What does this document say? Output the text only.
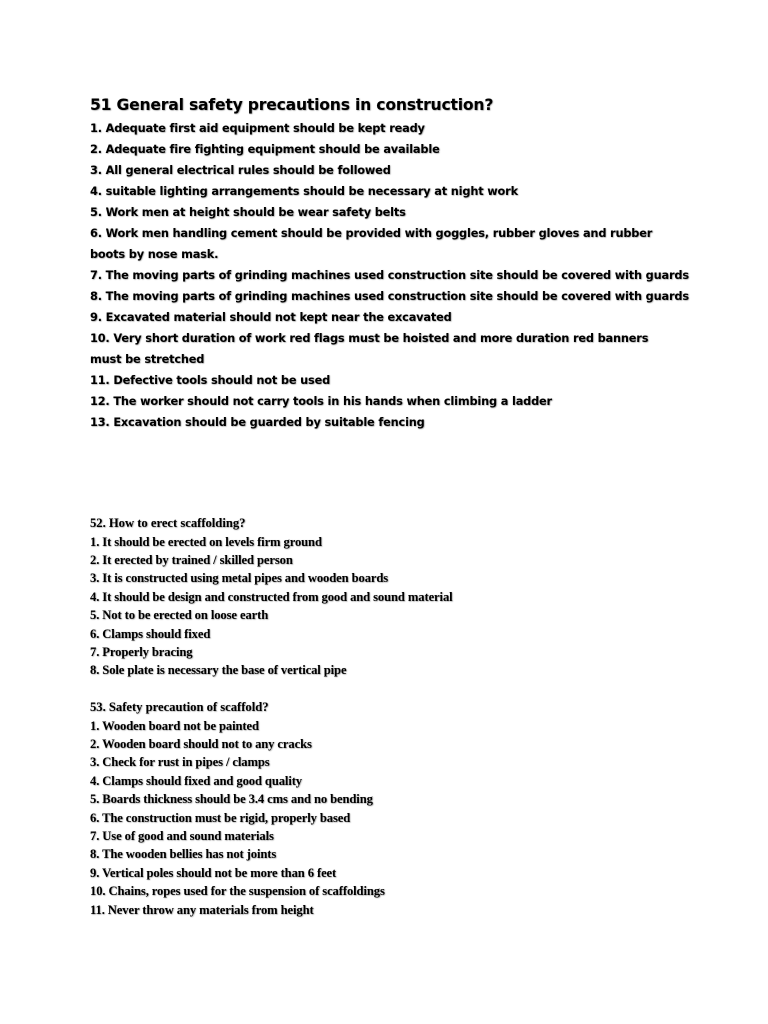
51 General safety precautions in construction?
1. Adequate first aid equipment should be kept ready
2. Adequate fire fighting equipment should be available
3. All general electrical rules should be followed
4. suitable lighting arrangements should be necessary at night work
5. Work men at height should be wear safety belts
6. Work men handling cement should be provided with goggles, rubber gloves and rubber boots by nose mask.
7. The moving parts of grinding machines used construction site should be covered with guards
8. The moving parts of grinding machines used construction site should be covered with guards
9. Excavated material should not kept near the excavated
10. Very short duration of work red flags must be hoisted and more duration red banners must be stretched
11. Defective tools should not be used
12. The worker should not carry tools in his hands when climbing a ladder
13. Excavation should be guarded by suitable fencing
52. How to erect scaffolding?
1. It should be erected on levels firm ground
2. It erected by trained / skilled person
3. It is constructed using metal pipes and wooden boards
4. It should be design and constructed from good and sound material
5. Not to be erected on loose earth
6. Clamps should fixed
7. Properly bracing
8. Sole plate is necessary the base of vertical pipe
53. Safety precaution of scaffold?
1. Wooden board not be painted
2. Wooden board should not to any cracks
3. Check for rust in pipes / clamps
4. Clamps should fixed and good quality
5. Boards thickness should be 3.4 cms and no bending
6. The construction must be rigid, properly based
7. Use of good and sound materials
8. The wooden bellies has not joints
9. Vertical poles should not be more than 6 feet
10. Chains, ropes used for the suspension of scaffoldings
11. Never throw any materials from height
